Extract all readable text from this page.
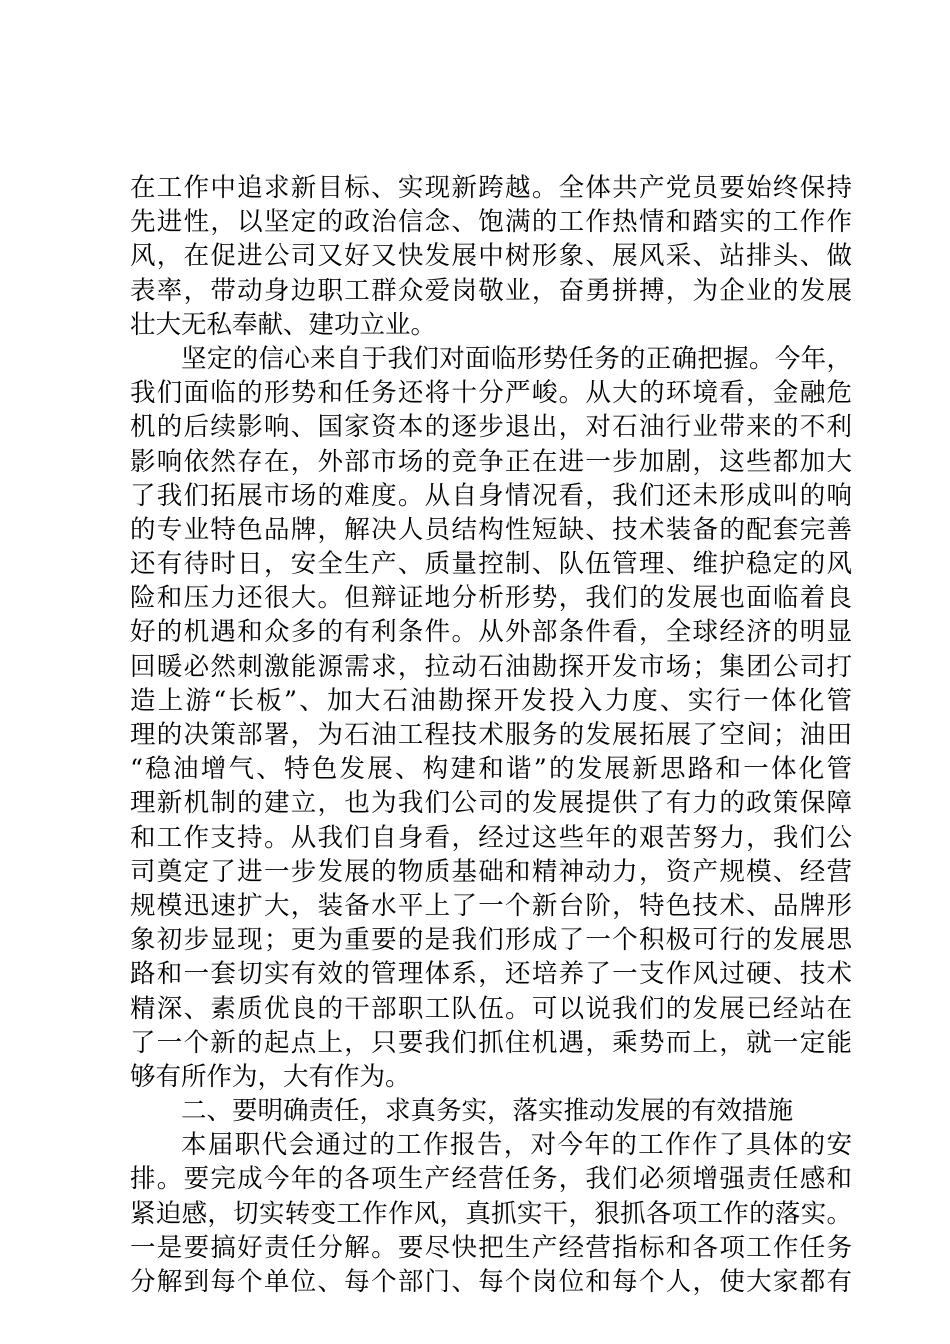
在工作中追求新目标、实现新跨越。全体共产党员要始终保持
先进性，以坚定的政治信念、饱满的工作热情和踏实的工作作
风，在促进公司又好又快发展中树形象、展风采、站排头、做
表率，带动身边职工群众爱岗敬业，奋勇拼搏，为企业的发展
壮大无私奉献、建功立业。
坚定的信心来自于我们对面临形势任务的正确把握。今年，
我们面临的形势和任务还将十分严峻。从大的环境看，金融危
机的后续影响、国家资本的逐步退出，对石油行业带来的不利
影响依然存在，外部市场的竞争正在进一步加剧，这些都加大
了我们拓展市场的难度。从自身情况看，我们还未形成叫的响
的专业特色品牌，解决人员结构性短缺、技术装备的配套完善
还有待时日，安全生产、质量控制、队伍管理、维护稳定的风
险和压力还很大。但辩证地分析形势，我们的发展也面临着良
好的机遇和众多的有利条件。从外部条件看，全球经济的明显
回暖必然刺激能源需求，拉动石油勘探开发市场；集团公司打
造上游“长板”、加大石油勘探开发投入力度、实行一体化管
理的决策部署，为石油工程技术服务的发展拓展了空间；油田
“稳油增气、特色发展、构建和谐”的发展新思路和一体化管
理新机制的建立，也为我们公司的发展提供了有力的政策保障
和工作支持。从我们自身看，经过这些年的艰苦努力，我们公
司奠定了进一步发展的物质基础和精神动力，资产规模、经营
规模迅速扩大，装备水平上了一个新台阶，特色技术、品牌形
象初步显现；更为重要的是我们形成了一个积极可行的发展思
路和一套切实有效的管理体系，还培养了一支作风过硬、技术
精深、素质优良的干部职工队伍。可以说我们的发展已经站在
了一个新的起点上，只要我们抓住机遇，乘势而上，就一定能
够有所作为，大有作为。
二、要明确责任，求真务实，落实推动发展的有效措施
本届职代会通过的工作报告，对今年的工作作了具体的安
排。要完成今年的各项生产经营任务，我们必须增强责任感和
紧迫感，切实转变工作作风，真抓实干，狠抓各项工作的落实。
一是要搞好责任分解。要尽快把生产经营指标和各项工作任务
分解到每个单位、每个部门、每个岗位和每个人，使大家都有
